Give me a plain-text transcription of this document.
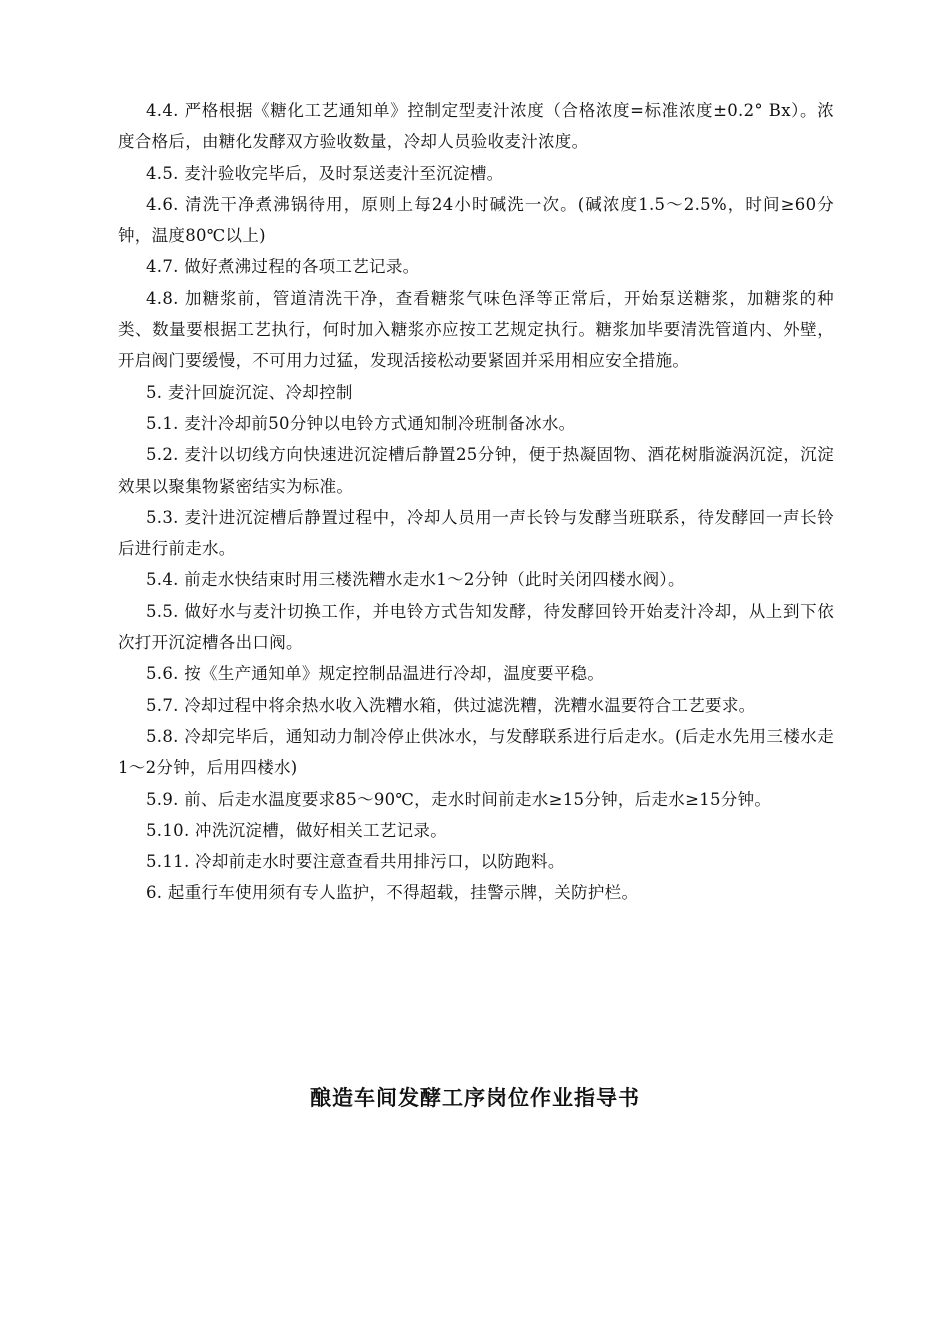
4.4. 严格根据《糖化工艺通知单》控制定型麦汁浓度（合格浓度=标准浓度±0.2° Bx）。浓度合格后，由糖化发酵双方验收数量，冷却人员验收麦汁浓度。

4.5. 麦汁验收完毕后，及时泵送麦汁至沉淀槽。

4.6. 清洗干净煮沸锅待用，原则上每24小时碱洗一次。(碱浓度1.5～2.5%，时间≥60分钟，温度80℃以上)

4.7. 做好煮沸过程的各项工艺记录。

4.8. 加糖浆前，管道清洗干净，查看糖浆气味色泽等正常后，开始泵送糖浆，加糖浆的种类、数量要根据工艺执行，何时加入糖浆亦应按工艺规定执行。糖浆加毕要清洗管道内、外壁，开启阀门要缓慢，不可用力过猛，发现活接松动要紧固并采用相应安全措施。

5. 麦汁回旋沉淀、冷却控制

5.1. 麦汁冷却前50分钟以电铃方式通知制冷班制备冰水。

5.2. 麦汁以切线方向快速进沉淀槽后静置25分钟，便于热凝固物、酒花树脂漩涡沉淀，沉淀效果以聚集物紧密结实为标准。

5.3. 麦汁进沉淀槽后静置过程中，冷却人员用一声长铃与发酵当班联系，待发酵回一声长铃后进行前走水。

5.4. 前走水快结束时用三楼洗糟水走水1～2分钟（此时关闭四楼水阀）。

5.5. 做好水与麦汁切换工作，并电铃方式告知发酵，待发酵回铃开始麦汁冷却，从上到下依次打开沉淀槽各出口阀。

5.6. 按《生产通知单》规定控制品温进行冷却，温度要平稳。

5.7. 冷却过程中将余热水收入洗糟水箱，供过滤洗糟，洗糟水温要符合工艺要求。

5.8. 冷却完毕后，通知动力制冷停止供冰水，与发酵联系进行后走水。(后走水先用三楼水走1～2分钟，后用四楼水)

5.9. 前、后走水温度要求85～90℃，走水时间前走水≥15分钟，后走水≥15分钟。

5.10. 冲洗沉淀槽，做好相关工艺记录。

5.11. 冷却前走水时要注意查看共用排污口，以防跑料。

6. 起重行车使用须有专人监护，不得超载，挂警示牌，关防护栏。

酿造车间发酵工序岗位作业指导书
